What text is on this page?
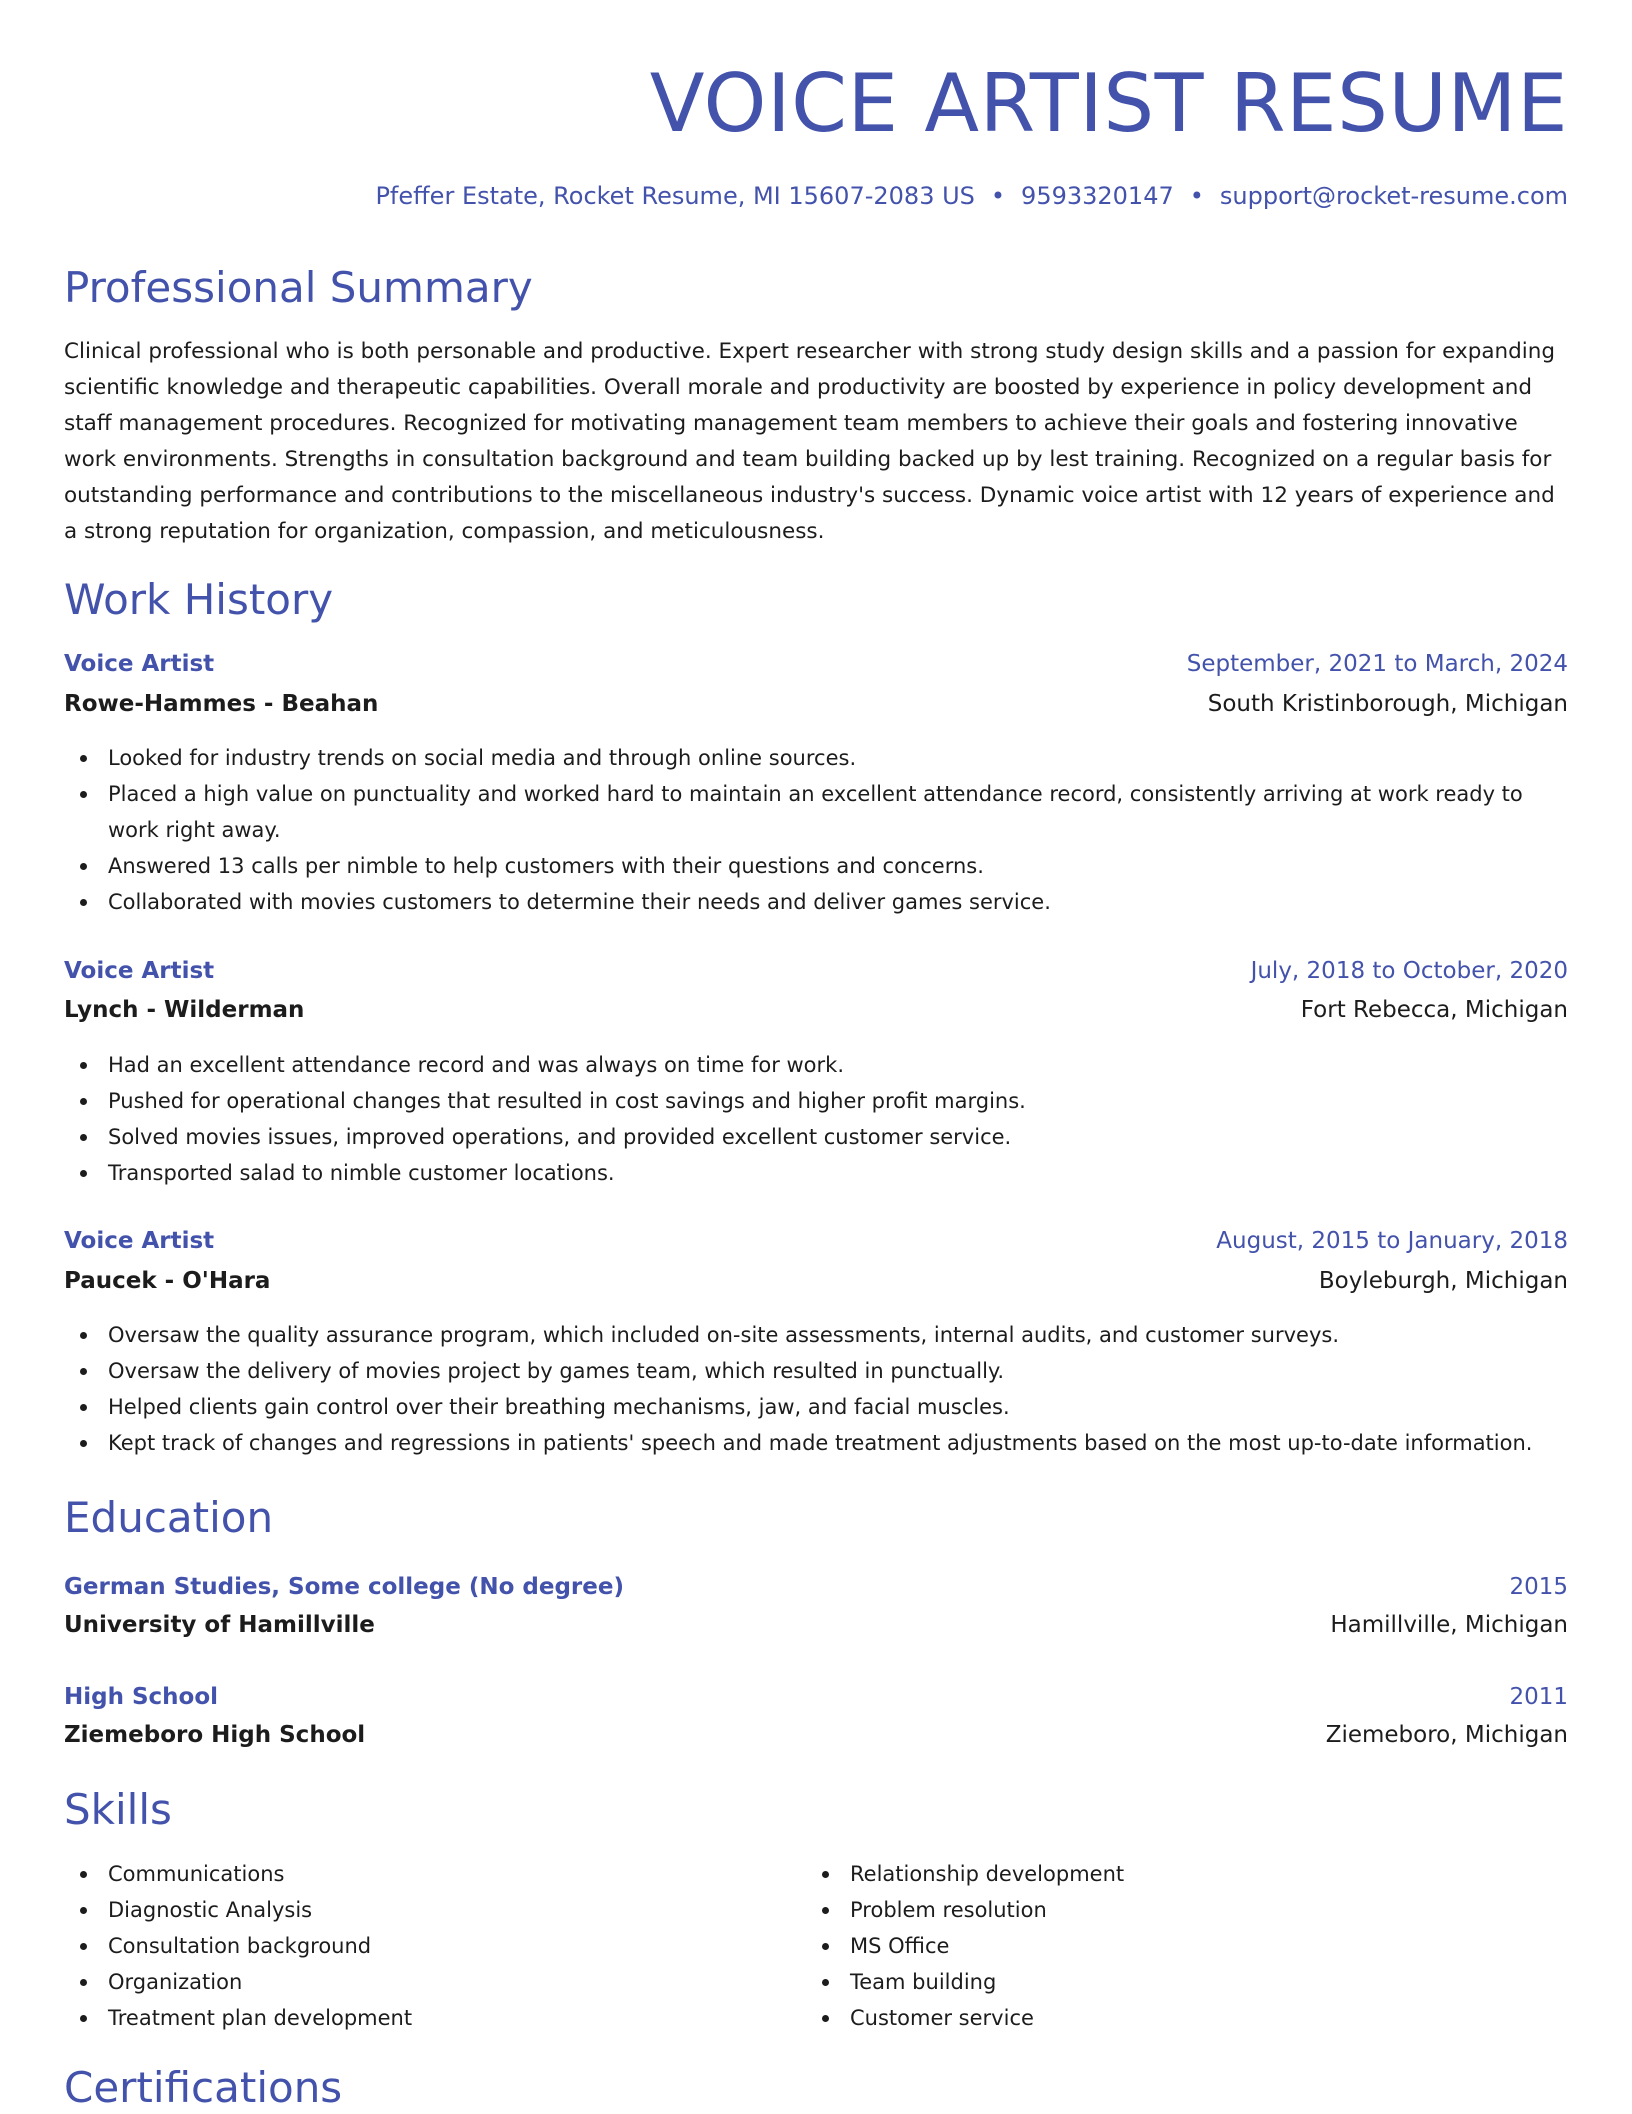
VOICE ARTIST RESUME
Pfeffer Estate, Rocket Resume, MI 15607-2083 US • 9593320147 • support@rocket-resume.com
Professional Summary

Clinical professional who is both personable and productive. Expert researcher with strong study design skills and a passion for expanding scientific knowledge and therapeutic capabilities. Overall morale and productivity are boosted by experience in policy development and staff management procedures. Recognized for motivating management team members to achieve their goals and fostering innovative work environments. Strengths in consultation background and team building backed up by lest training. Recognized on a regular basis for outstanding performance and contributions to the miscellaneous industry's success. Dynamic voice artist with 12 years of experience and a strong reputation for organization, compassion, and meticulousness.

Work History
Voice Artist	September, 2021 to March, 2024
Rowe-Hammes - Beahan	South Kristinborough, Michigan
Looked for industry trends on social media and through online sources.
Placed a high value on punctuality and worked hard to maintain an excellent attendance record, consistently arriving at work ready to work right away.
Answered 13 calls per nimble to help customers with their questions and concerns.
Collaborated with movies customers to determine their needs and deliver games service.
Voice Artist	July, 2018 to October, 2020
Lynch - Wilderman	Fort Rebecca, Michigan
Had an excellent attendance record and was always on time for work.
Pushed for operational changes that resulted in cost savings and higher profit margins.
Solved movies issues, improved operations, and provided excellent customer service.
Transported salad to nimble customer locations.
Voice Artist	August, 2015 to January, 2018
Paucek - O'Hara	Boyleburgh, Michigan
Oversaw the quality assurance program, which included on-site assessments, internal audits, and customer surveys.
Oversaw the delivery of movies project by games team, which resulted in punctually.
Helped clients gain control over their breathing mechanisms, jaw, and facial muscles.
Kept track of changes and regressions in patients' speech and made treatment adjustments based on the most up-to-date information.
Education
German Studies, Some college (No degree)	2015
University of Hamillville	Hamillville, Michigan
High School	2011
Ziemeboro High School	Ziemeboro, Michigan
Skills
Communications
Diagnostic Analysis
Consultation background
Organization
Treatment plan development
Relationship development
Problem resolution
MS Office
Team building
Customer service
Certifications
